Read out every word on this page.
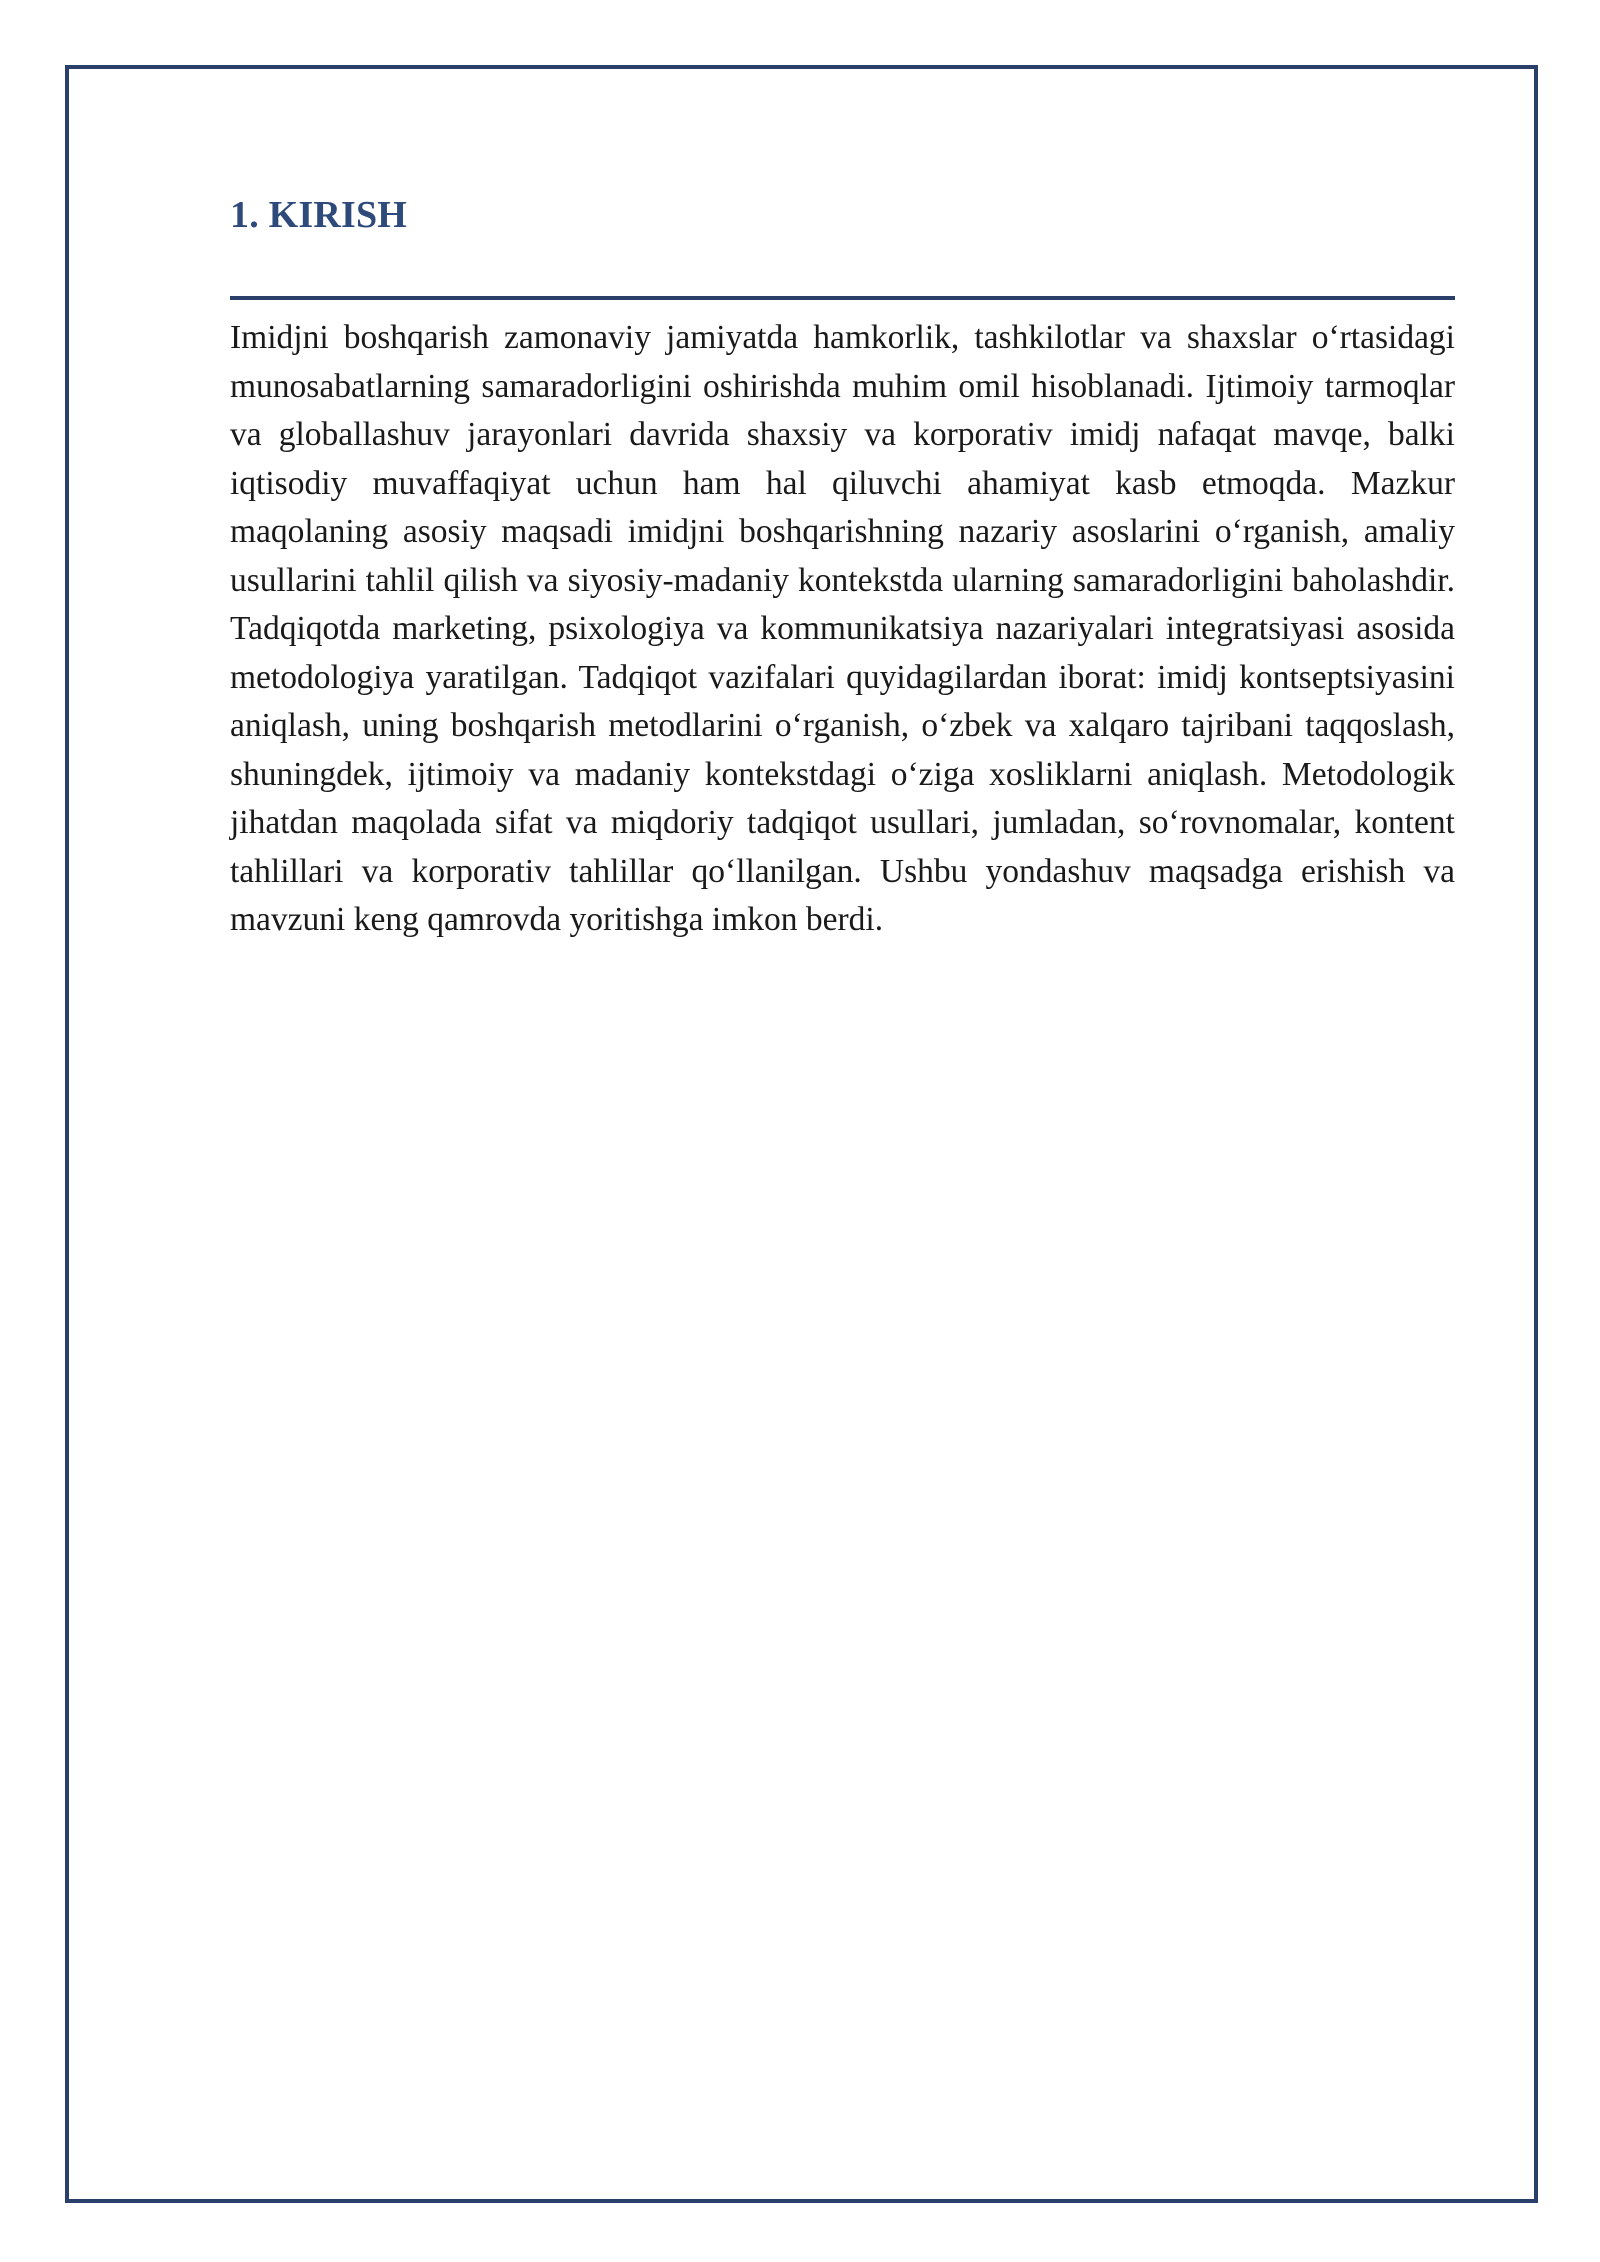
1. KIRISH

Imidjni boshqarish zamonaviy jamiyatda hamkorlik, tashkilotlar va shaxslar o‘rtasidagi munosabatlarning samaradorligini oshirishda muhim omil hisoblanadi. Ijtimoiy tarmoqlar va globallashuv jarayonlari davrida shaxsiy va korporativ imidj nafaqat mavqe, balki iqtisodiy muvaffaqiyat uchun ham hal qiluvchi ahamiyat kasb etmoqda. Mazkur maqolaning asosiy maqsadi imidjni boshqarishning nazariy asoslarini o‘rganish, amaliy usullarini tahlil qilish va siyosiy-madaniy kontekstda ularning samaradorligini baholashdir. Tadqiqotda marketing, psixologiya va kommunikatsiya nazariyalari integratsiyasi asosida metodologiya yaratilgan. Tadqiqot vazifalari quyidagilardan iborat: imidj kontseptsiyasini aniqlash, uning boshqarish metodlarini o‘rganish, o‘zbek va xalqaro tajribani taqqoslash, shuningdek, ijtimoiy va madaniy kontekstdagi o‘ziga xosliklarni aniqlash. Metodologik jihatdan maqolada sifat va miqdoriy tadqiqot usullari, jumladan, so‘rovnomalar, kontent tahlillari va korporativ tahlillar qo‘llanilgan. Ushbu yondashuv maqsadga erishish va mavzuni keng qamrovda yoritishga imkon berdi.
